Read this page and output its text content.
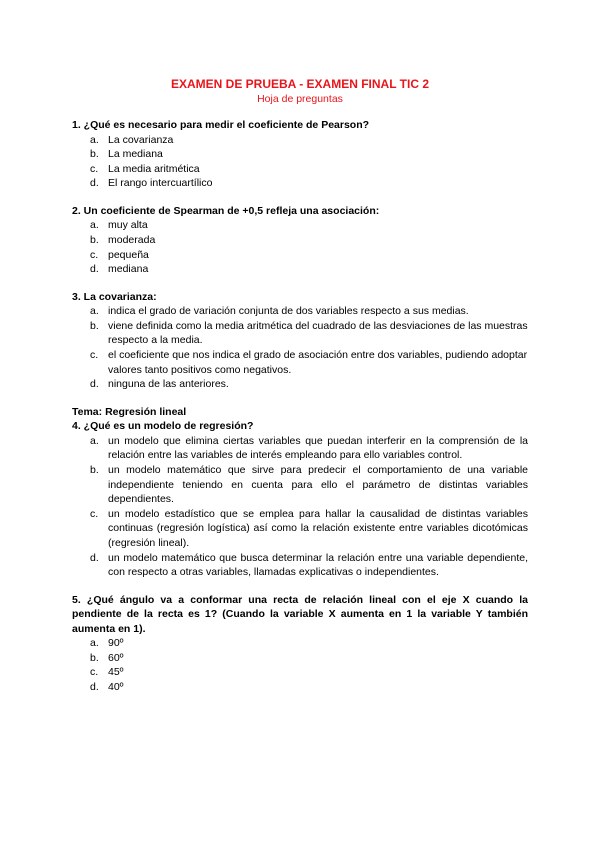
EXAMEN DE PRUEBA - EXAMEN FINAL TIC 2
Hoja de preguntas
1. ¿Qué es necesario para medir el coeficiente de Pearson?
a. La covarianza
b. La mediana
c. La media aritmética
d. El rango intercuartílico
2. Un coeficiente de Spearman de +0,5 refleja una asociación:
a. muy alta
b. moderada
c. pequeña
d. mediana
3. La covarianza:
a. indica el grado de variación conjunta de dos variables respecto a sus medias.
b. viene definida como la media aritmética del cuadrado de las desviaciones de las muestras respecto a la media.
c. el coeficiente que nos indica el grado de asociación entre dos variables, pudiendo adoptar valores tanto positivos como negativos.
d. ninguna de las anteriores.
Tema: Regresión lineal
4. ¿Qué es un modelo de regresión?
a. un modelo que elimina ciertas variables que puedan interferir en la comprensión de la relación entre las variables de interés empleando para ello variables control.
b. un modelo matemático que sirve para predecir el comportamiento de una variable independiente teniendo en cuenta para ello el parámetro de distintas variables dependientes.
c. un modelo estadístico que se emplea para hallar la causalidad de distintas variables continuas (regresión logística) así como la relación existente entre variables dicotómicas (regresión lineal).
d. un modelo matemático que busca determinar la relación entre una variable dependiente, con respecto a otras variables, llamadas explicativas o independientes.
5. ¿Qué ángulo va a conformar una recta de relación lineal con el eje X cuando la pendiente de la recta es 1? (Cuando la variable X aumenta en 1 la variable Y también aumenta en 1).
a. 90º
b. 60º
c. 45º
d. 40º
